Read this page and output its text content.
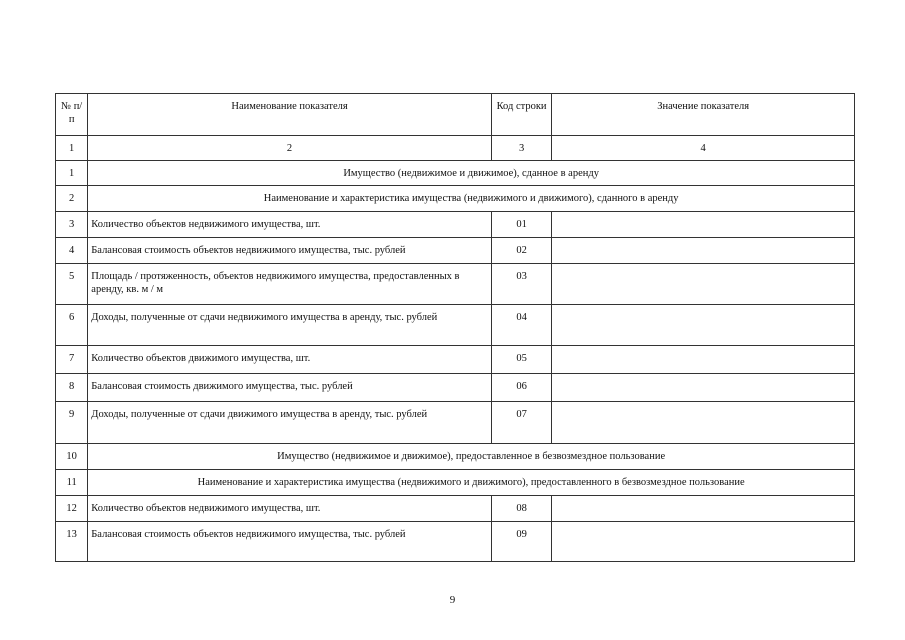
№ п/п	Наименование показателя	Код строки	Значение показателя
1	2	3	4
1	Имущество (недвижимое и движимое), сданное в аренду		
2	Наименование и характеристика имущества (недвижимого и движимого), сданного в аренду		
3	Количество объектов недвижимого имущества, шт.	01	
4	Балансовая стоимость объектов недвижимого имущества, тыс. рублей	02	
5	Площадь / протяженность, объектов недвижимого имущества, предоставленных в аренду, кв. м / м	03	
6	Доходы, полученные от сдачи недвижимого имущества в аренду, тыс. рублей	04	
7	Количество объектов движимого имущества, шт.	05	
8	Балансовая стоимость движимого имущества, тыс. рублей	06	
9	Доходы, полученные от сдачи движимого имущества в аренду, тыс. рублей	07	
10	Имущество (недвижимое и движимое), предоставленное в безвозмездное пользование		
11	Наименование и характеристика имущества (недвижимого и движимого), предоставленного в безвозмездное пользование		
12	Количество объектов недвижимого имущества, шт.	08	
13	Балансовая стоимость объектов недвижимого имущества, тыс. рублей	09	
9
